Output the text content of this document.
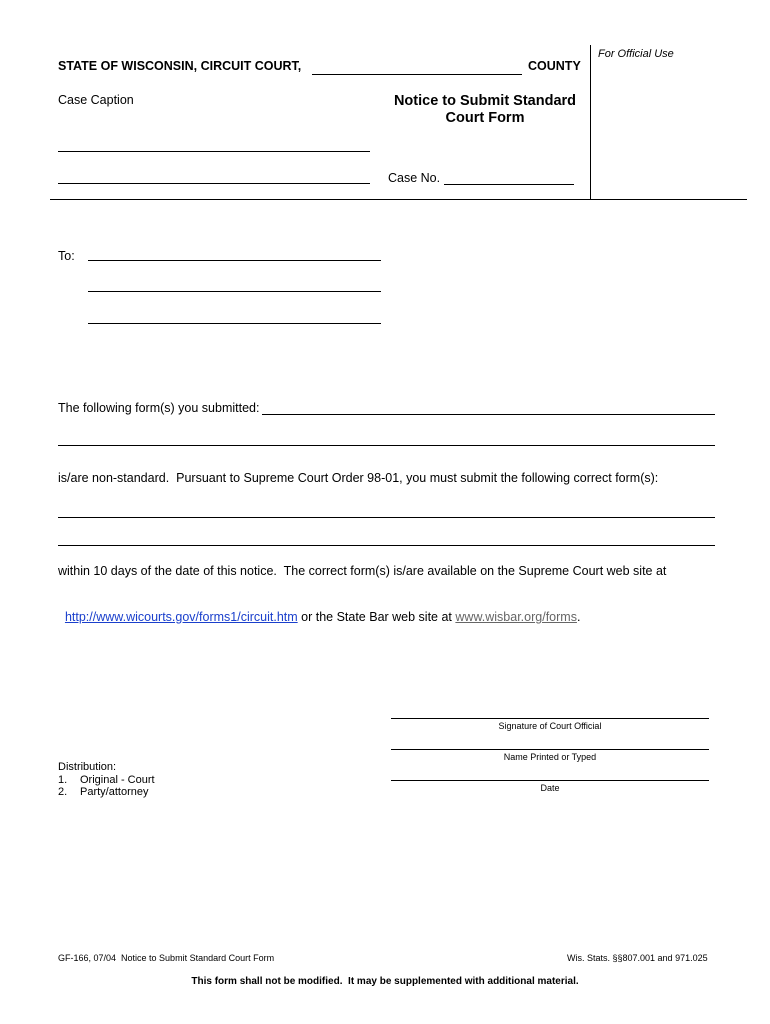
For Official Use
STATE OF WISCONSIN, CIRCUIT COURT,	COUNTY
Case Caption	Notice to Submit Standard
Court Form
Case No.
To:
The following form(s) you submitted:
is/are non-standard.  Pursuant to Supreme Court Order 98-01, you must submit the following correct form(s):
within 10 days of the date of this notice.  The correct form(s) is/are available on the Supreme Court web site at

http://www.wicourts.gov/forms1/circuit.htm or the State Bar web site at www.wisbar.org/forms.

Signature of Court Official
Name Printed or Typed
Date
Distribution:
1. Original - Court
2. Party/attorney
GF-166, 07/04  Notice to Submit Standard Court Form	Wis. Stats. §§807.001 and 971.025
This form shall not be modified.  It may be supplemented with additional material.
